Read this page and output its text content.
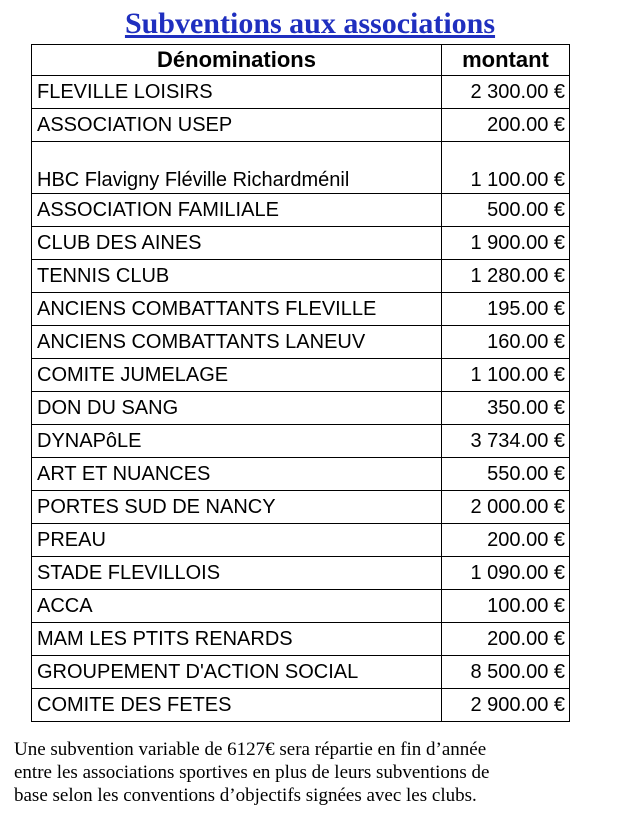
Subventions aux associations
Dénominations	montant
FLEVILLE LOISIRS	2 300.00 €
ASSOCIATION USEP	200.00 €
HBC Flavigny Fléville Richardménil	1 100.00 €
ASSOCIATION FAMILIALE	500.00 €
CLUB DES AINES	1 900.00 €
TENNIS CLUB	1 280.00 €
ANCIENS COMBATTANTS FLEVILLE	195.00 €
ANCIENS COMBATTANTS LANEUV	160.00 €
COMITE JUMELAGE	1 100.00 €
DON DU SANG	350.00 €
DYNAPôLE	3 734.00 €
ART ET NUANCES	550.00 €
PORTES SUD DE NANCY	2 000.00 €
PREAU	200.00 €
STADE FLEVILLOIS	1 090.00 €
ACCA	100.00 €
MAM LES PTITS RENARDS	200.00 €
GROUPEMENT D'ACTION SOCIAL	8 500.00 €
COMITE DES FETES	2 900.00 €
Une subvention variable de 6127€ sera répartie en fin d’année
entre les associations sportives en plus de leurs subventions de
base selon les conventions d’objectifs signées avec les clubs.
